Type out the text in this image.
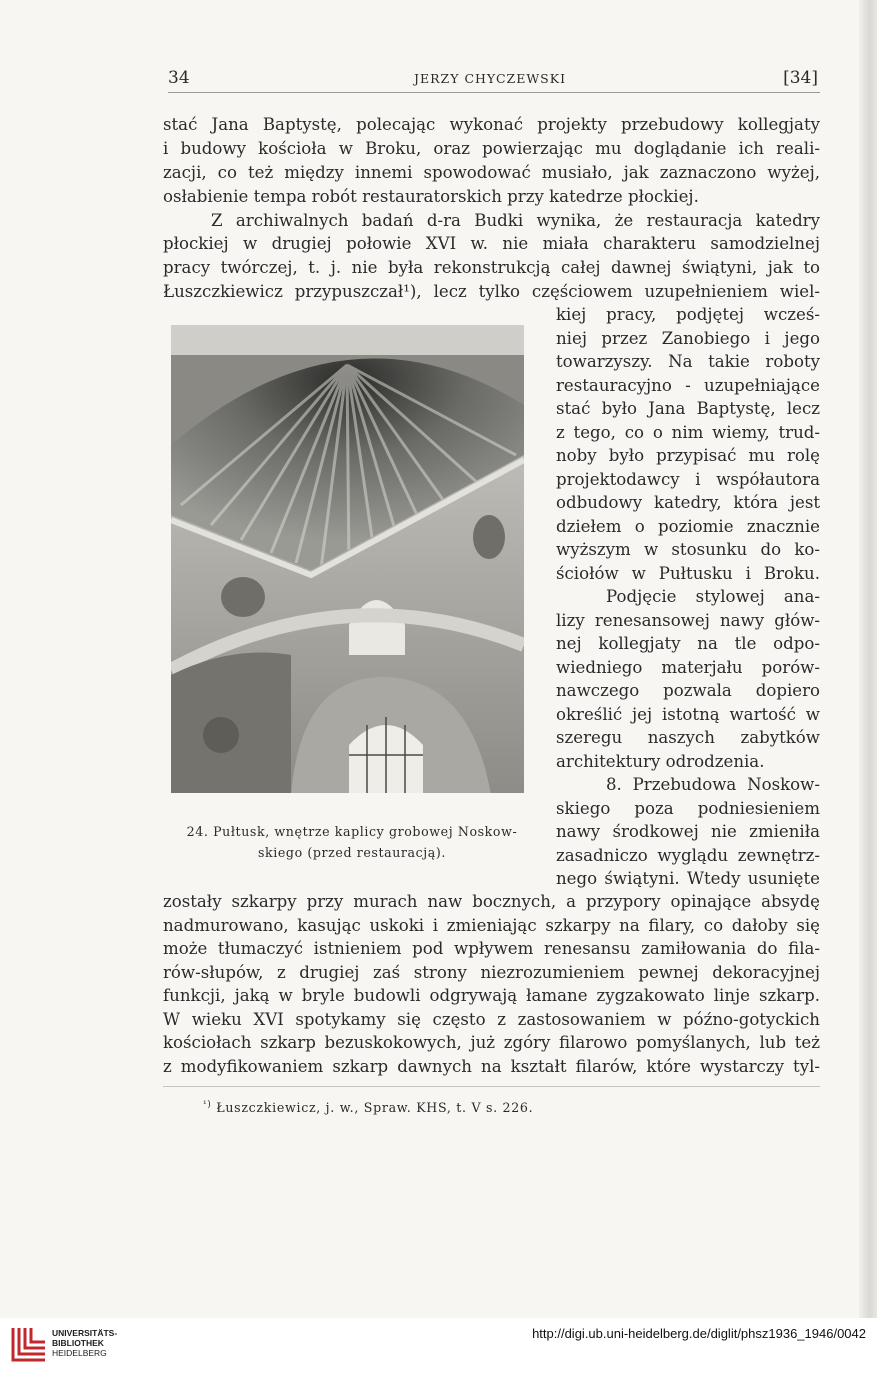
34	JERZY CHYCZEWSKI	[34]
stać Jana Baptystę, polecając wykonać projekty przebudowy kollegjaty
i budowy kościoła w Broku, oraz powierzając mu doglądanie ich reali-
zacji, co też między innemi spowodować musiało, jak zaznaczono wyżej,
osłabienie tempa robót restauratorskich przy katedrze płockiej.
Z archiwalnych badań d-ra Budki wynika, że restauracja katedry
płockiej w drugiej połowie XVI w. nie miała charakteru samodzielnej
pracy twórczej, t. j. nie była rekonstrukcją całej dawnej świątyni, jak to
Łuszczkiewicz przypuszczał¹), lecz tylko częściowem uzupełnieniem wiel-
kiej pracy, podjętej wcześ-
niej przez Zanobiego i jego
towarzyszy. Na takie roboty
restauracyjno - uzupełniające
stać było Jana Baptystę, lecz
z tego, co o nim wiemy, trud-
noby było przypisać mu rolę
projektodawcy i współautora
odbudowy katedry, która jest
dziełem o poziomie znacznie
wyższym w stosunku do ko-
ściołów w Pułtusku i Broku.
Podjęcie stylowej ana-
lizy renesansowej nawy głów-
nej kollegjaty na tle odpo-
wiedniego materjału porów-
nawczego pozwala dopiero
określić jej istotną wartość w
szeregu naszych zabytków
architektury odrodzenia.
8. Przebudowa Noskow-
skiego poza podniesieniem
nawy środkowej nie zmieniła
zasadniczo wyglądu zewnętrz-
nego świątyni. Wtedy usunięte
24. Pułtusk, wnętrze kaplicy grobowej Noskow-
skiego (przed restauracją).
zostały szkarpy przy murach naw bocznych, a przypory opinające absydę
nadmurowano, kasując uskoki i zmieniając szkarpy na filary, co dałoby się
może tłumaczyć istnieniem pod wpływem renesansu zamiłowania do fila-
rów-słupów, z drugiej zaś strony niezrozumieniem pewnej dekoracyjnej
funkcji, jaką w bryle budowli odgrywają łamane zygzakowato linje szkarp.
W wieku XVI spotykamy się często z zastosowaniem w późno-gotyckich
kościołach szkarp bezuskokowych, już zgóry filarowo pomyślanych, lub też
z modyfikowaniem szkarp dawnych na kształt filarów, które wystarczy tyl-
$^{^1)}$ Łuszczkiewicz, j. w., Spraw. KHS, t. V s. 226.
UNIVERSITÄTS-
BIBLIOTHEK
HEIDELBERG
http://digi.ub.uni-heidelberg.de/diglit/phsz1936_1946/0042
